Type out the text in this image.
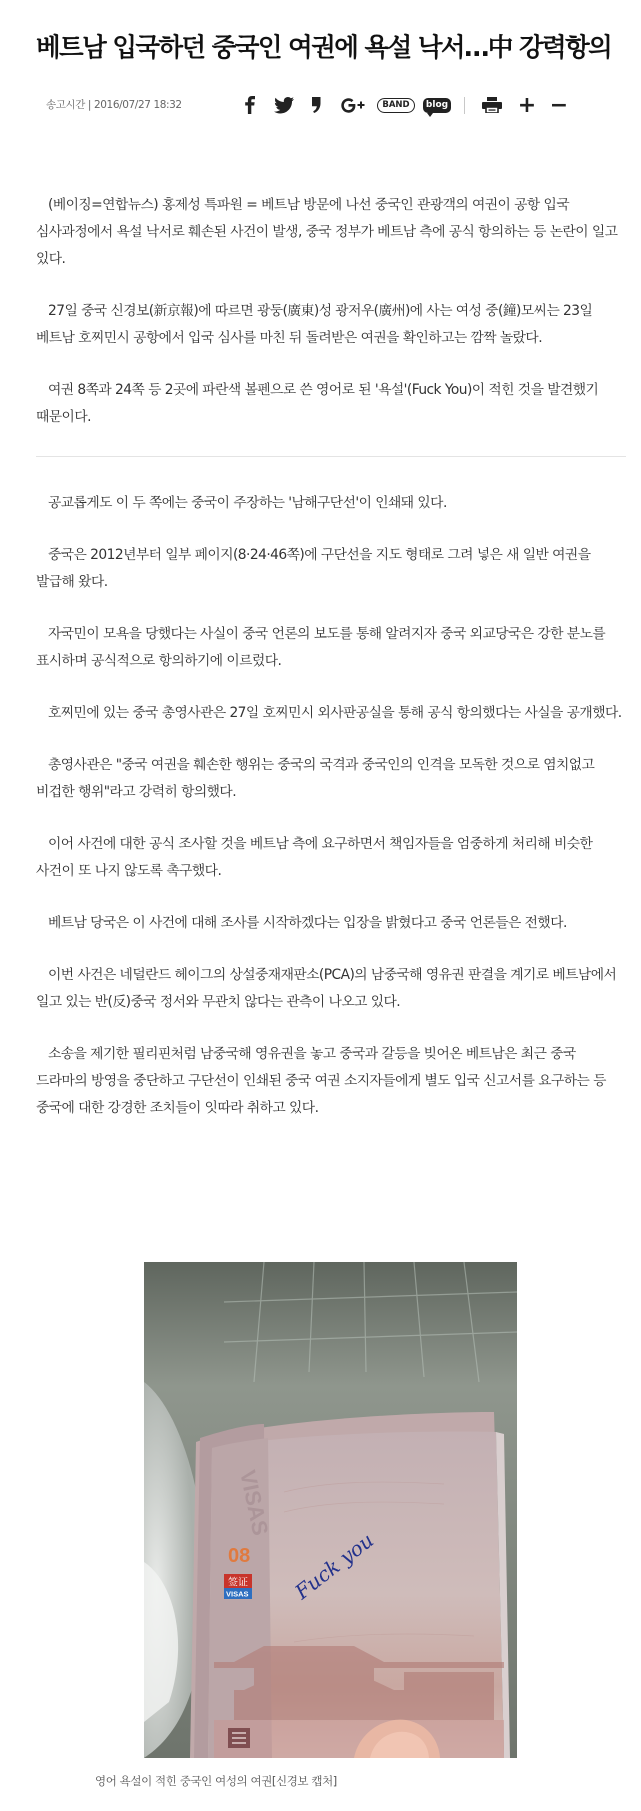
베트남 입국하던 중국인 여권에 욕설 낙서…中 강력항의
송고시간 | 2016/07/27 18:32	BAND	blog	+ −

(베이징=연합뉴스) 홍제성 특파원 = 베트남 방문에 나선 중국인 관광객의 여권이 공항 입국 심사과정에서 욕설 낙서로 훼손된 사건이 발생, 중국 정부가 베트남 측에 공식 항의하는 등 논란이 일고 있다.

27일 중국 신경보(新京報)에 따르면 광둥(廣東)성 광저우(廣州)에 사는 여성 중(鐘)모씨는 23일 베트남 호찌민시 공항에서 입국 심사를 마친 뒤 돌려받은 여권을 확인하고는 깜짝 놀랐다.

여권 8쪽과 24쪽 등 2곳에 파란색 볼펜으로 쓴 영어로 된 '욕설'(Fuck You)이 적힌 것을 발견했기 때문이다.

공교롭게도 이 두 쪽에는 중국이 주장하는 '남해구단선'이 인쇄돼 있다.

중국은 2012년부터 일부 페이지(8·24·46쪽)에 구단선을 지도 형태로 그려 넣은 새 일반 여권을 발급해 왔다.

자국민이 모욕을 당했다는 사실이 중국 언론의 보도를 통해 알려지자 중국 외교당국은 강한 분노를 표시하며 공식적으로 항의하기에 이르렀다.

호찌민에 있는 중국 총영사관은 27일 호찌민시 외사판공실을 통해 공식 항의했다는 사실을 공개했다.

총영사관은 "중국 여권을 훼손한 행위는 중국의 국격과 중국인의 인격을 모독한 것으로 염치없고 비겁한 행위"라고 강력히 항의했다.

이어 사건에 대한 공식 조사할 것을 베트남 측에 요구하면서 책임자들을 엄중하게 처리해 비슷한 사건이 또 나지 않도록 촉구했다.

베트남 당국은 이 사건에 대해 조사를 시작하겠다는 입장을 밝혔다고 중국 언론들은 전했다.

이번 사건은 네덜란드 헤이그의 상설중재재판소(PCA)의 남중국해 영유권 판결을 계기로 베트남에서 일고 있는 반(反)중국 정서와 무관치 않다는 관측이 나오고 있다.

소송을 제기한 필리핀처럼 남중국해 영유권을 놓고 중국과 갈등을 빚어온 베트남은 최근 중국 드라마의 방영을 중단하고 구단선이 인쇄된 중국 여권 소지자들에게 별도 입국 신고서를 요구하는 등 중국에 대한 강경한 조치들이 잇따라 취하고 있다.

VISAS
08
签证
VISAS Fuck you
영어 욕설이 적힌 중국인 여성의 여권[신경보 캡처]
